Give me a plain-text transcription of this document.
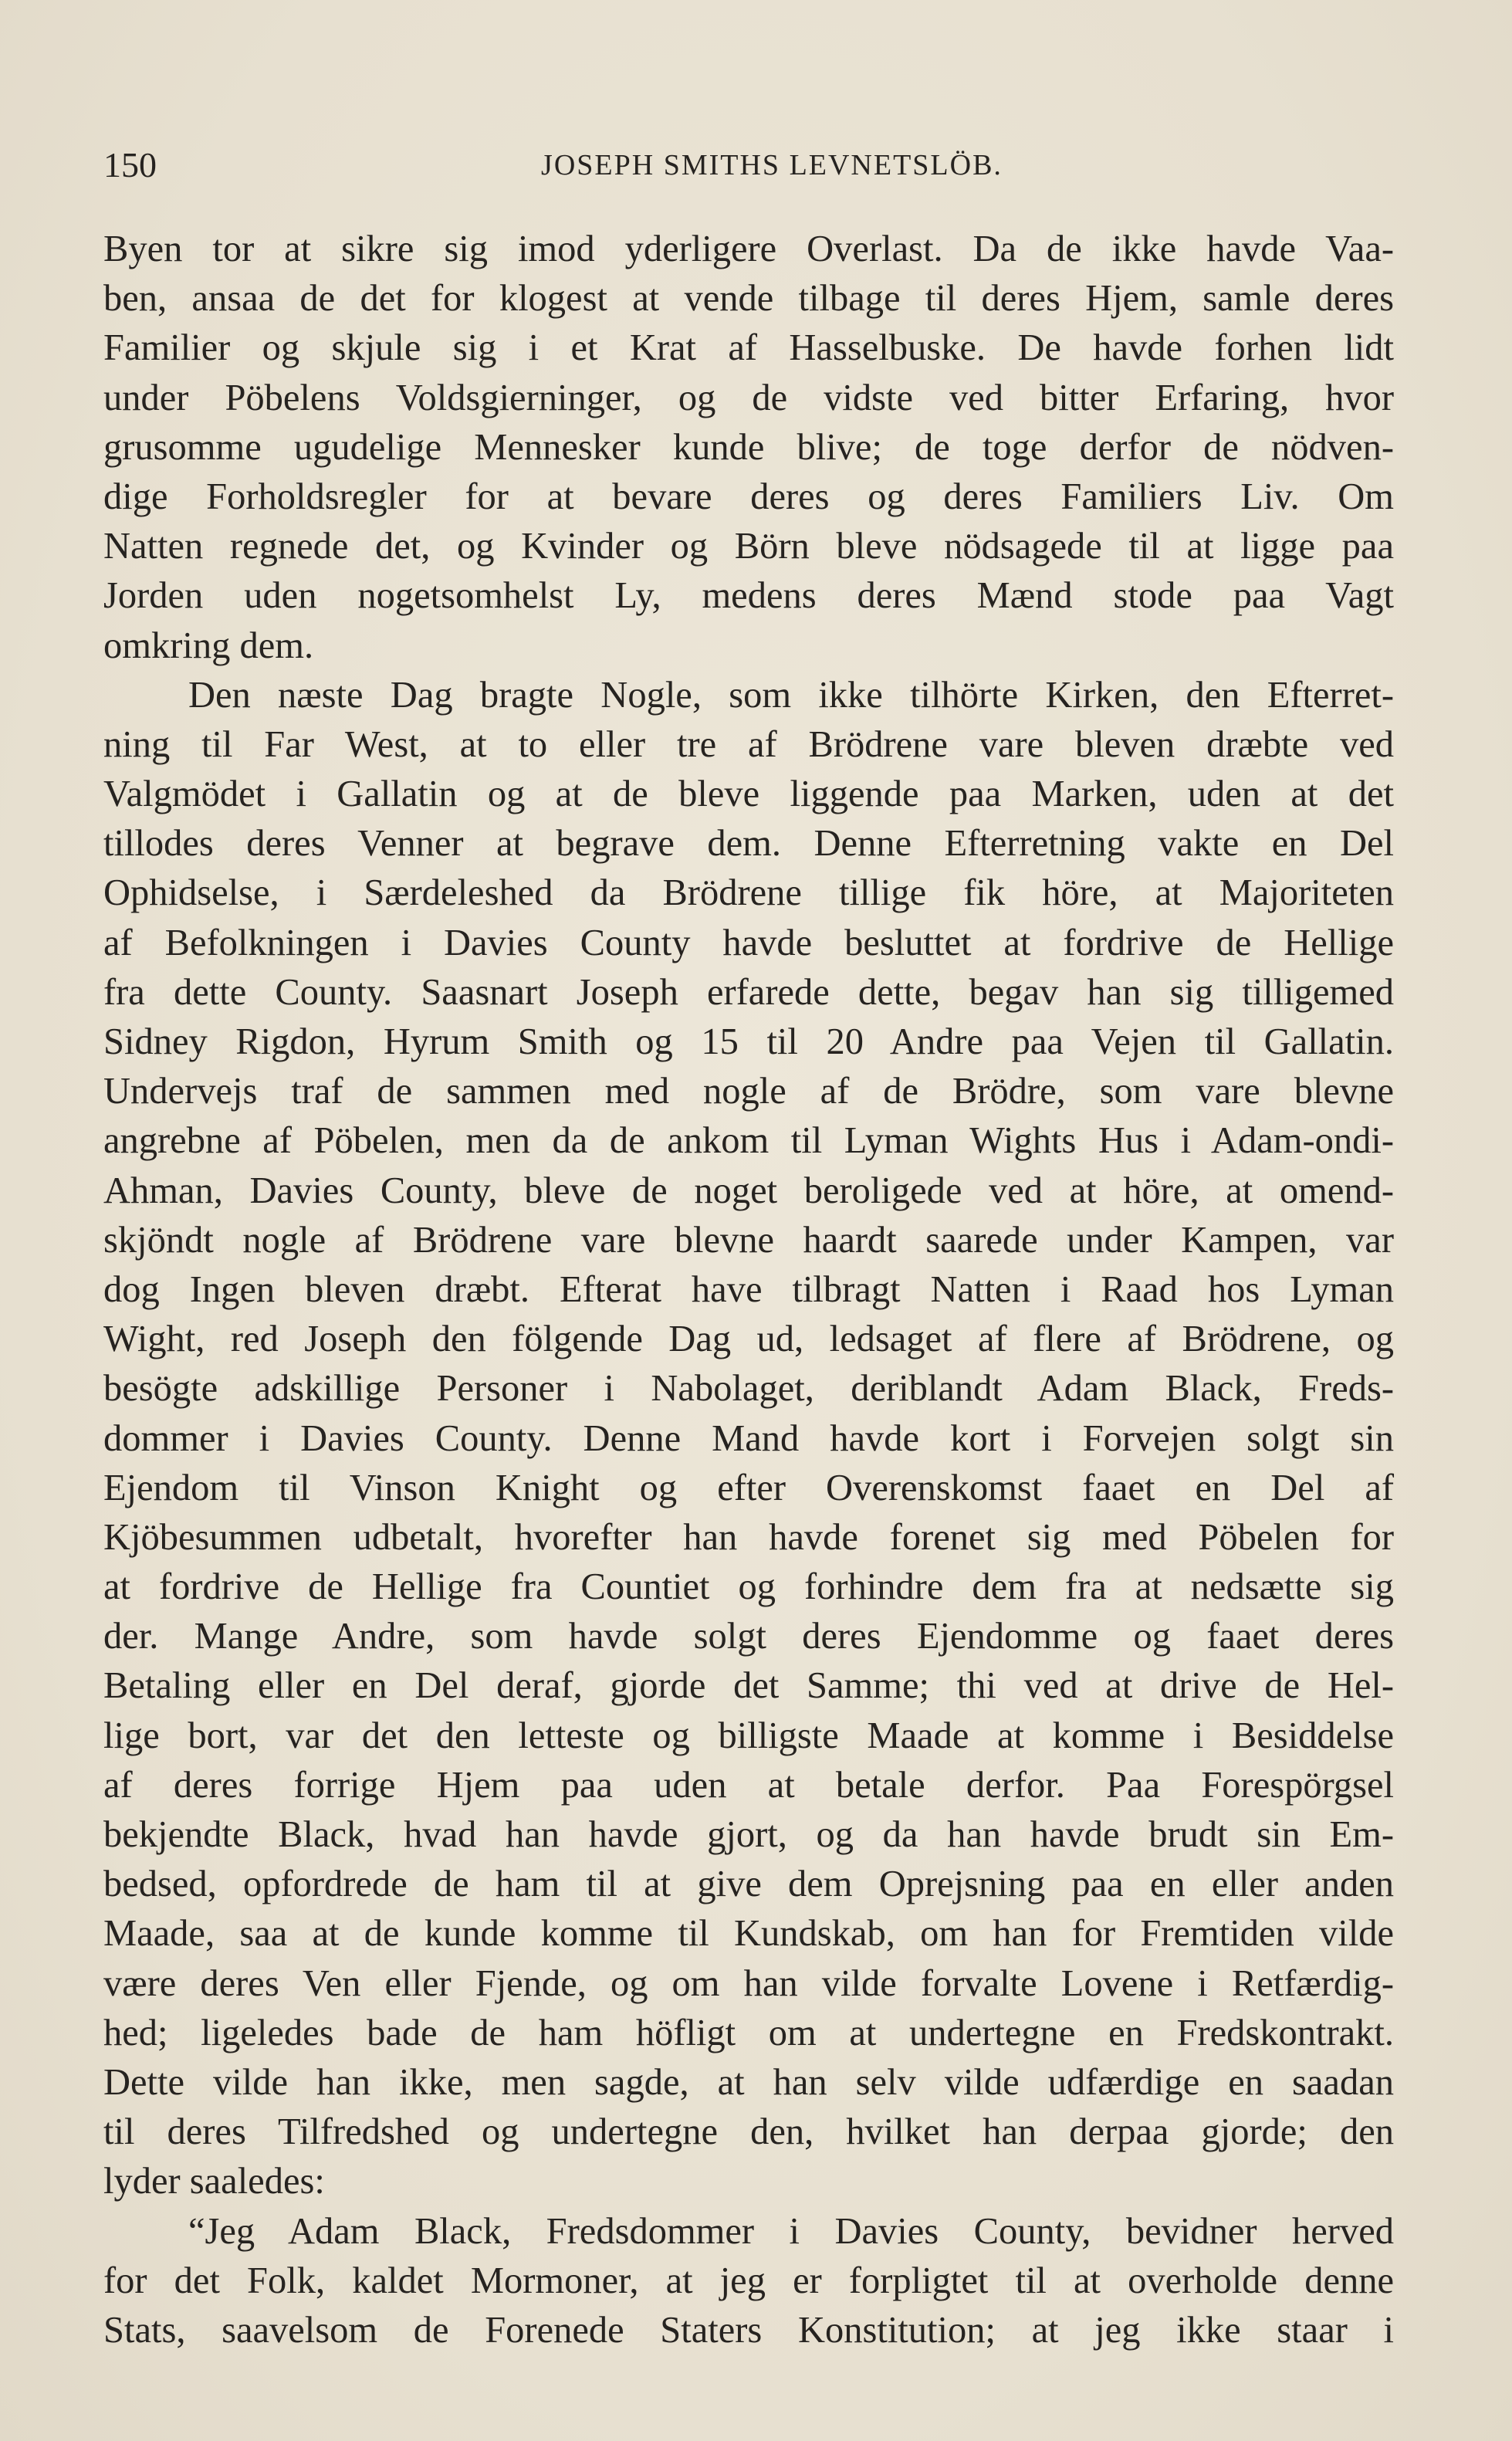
150	JOSEPH SMITHS LEVNETSLÖB.
Byen tor at sikre sig imod yderligere Overlast. Da de ikke havde Vaa-
ben, ansaa de det for klogest at vende tilbage til deres Hjem, samle deres
Familier og skjule sig i et Krat af Hasselbuske. De havde forhen lidt
under Pöbelens Voldsgierninger, og de vidste ved bitter Erfaring, hvor
grusomme ugudelige Mennesker kunde blive; de toge derfor de nödven-
dige Forholdsregler for at bevare deres og deres Familiers Liv. Om
Natten regnede det, og Kvinder og Börn bleve nödsagede til at ligge paa
Jorden uden nogetsomhelst Ly, medens deres Mænd stode paa Vagt
omkring dem.
Den næste Dag bragte Nogle, som ikke tilhörte Kirken, den Efterret-
ning til Far West, at to eller tre af Brödrene vare bleven dræbte ved
Valgmödet i Gallatin og at de bleve liggende paa Marken, uden at det
tillodes deres Venner at begrave dem. Denne Efterretning vakte en Del
Ophidselse, i Særdeleshed da Brödrene tillige fik höre, at Majoriteten
af Befolkningen i Davies County havde besluttet at fordrive de Hellige
fra dette County. Saasnart Joseph erfarede dette, begav han sig tilligemed
Sidney Rigdon, Hyrum Smith og 15 til 20 Andre paa Vejen til Gallatin.
Undervejs traf de sammen med nogle af de Brödre, som vare blevne
angrebne af Pöbelen, men da de ankom til Lyman Wights Hus i Adam-ondi-
Ahman, Davies County, bleve de noget beroligede ved at höre, at omend-
skjöndt nogle af Brödrene vare blevne haardt saarede under Kampen, var
dog Ingen bleven dræbt. Efterat have tilbragt Natten i Raad hos Lyman
Wight, red Joseph den fölgende Dag ud, ledsaget af flere af Brödrene, og
besögte adskillige Personer i Nabolaget, deriblandt Adam Black, Freds-
dommer i Davies County. Denne Mand havde kort i Forvejen solgt sin
Ejendom til Vinson Knight og efter Overenskomst faaet en Del af
Kjöbesummen udbetalt, hvorefter han havde forenet sig med Pöbelen for
at fordrive de Hellige fra Countiet og forhindre dem fra at nedsætte sig
der. Mange Andre, som havde solgt deres Ejendomme og faaet deres
Betaling eller en Del deraf, gjorde det Samme; thi ved at drive de Hel-
lige bort, var det den letteste og billigste Maade at komme i Besiddelse
af deres forrige Hjem paa uden at betale derfor. Paa Forespörgsel
bekjendte Black, hvad han havde gjort, og da han havde brudt sin Em-
bedsed, opfordrede de ham til at give dem Oprejsning paa en eller anden
Maade, saa at de kunde komme til Kundskab, om han for Fremtiden vilde
være deres Ven eller Fjende, og om han vilde forvalte Lovene i Retfærdig-
hed; ligeledes bade de ham höfligt om at undertegne en Fredskontrakt.
Dette vilde han ikke, men sagde, at han selv vilde udfærdige en saadan
til deres Tilfredshed og undertegne den, hvilket han derpaa gjorde; den
lyder saaledes:
“Jeg Adam Black, Fredsdommer i Davies County, bevidner herved
for det Folk, kaldet Mormoner, at jeg er forpligtet til at overholde denne
Stats, saavelsom de Forenede Staters Konstitution; at jeg ikke staar i
